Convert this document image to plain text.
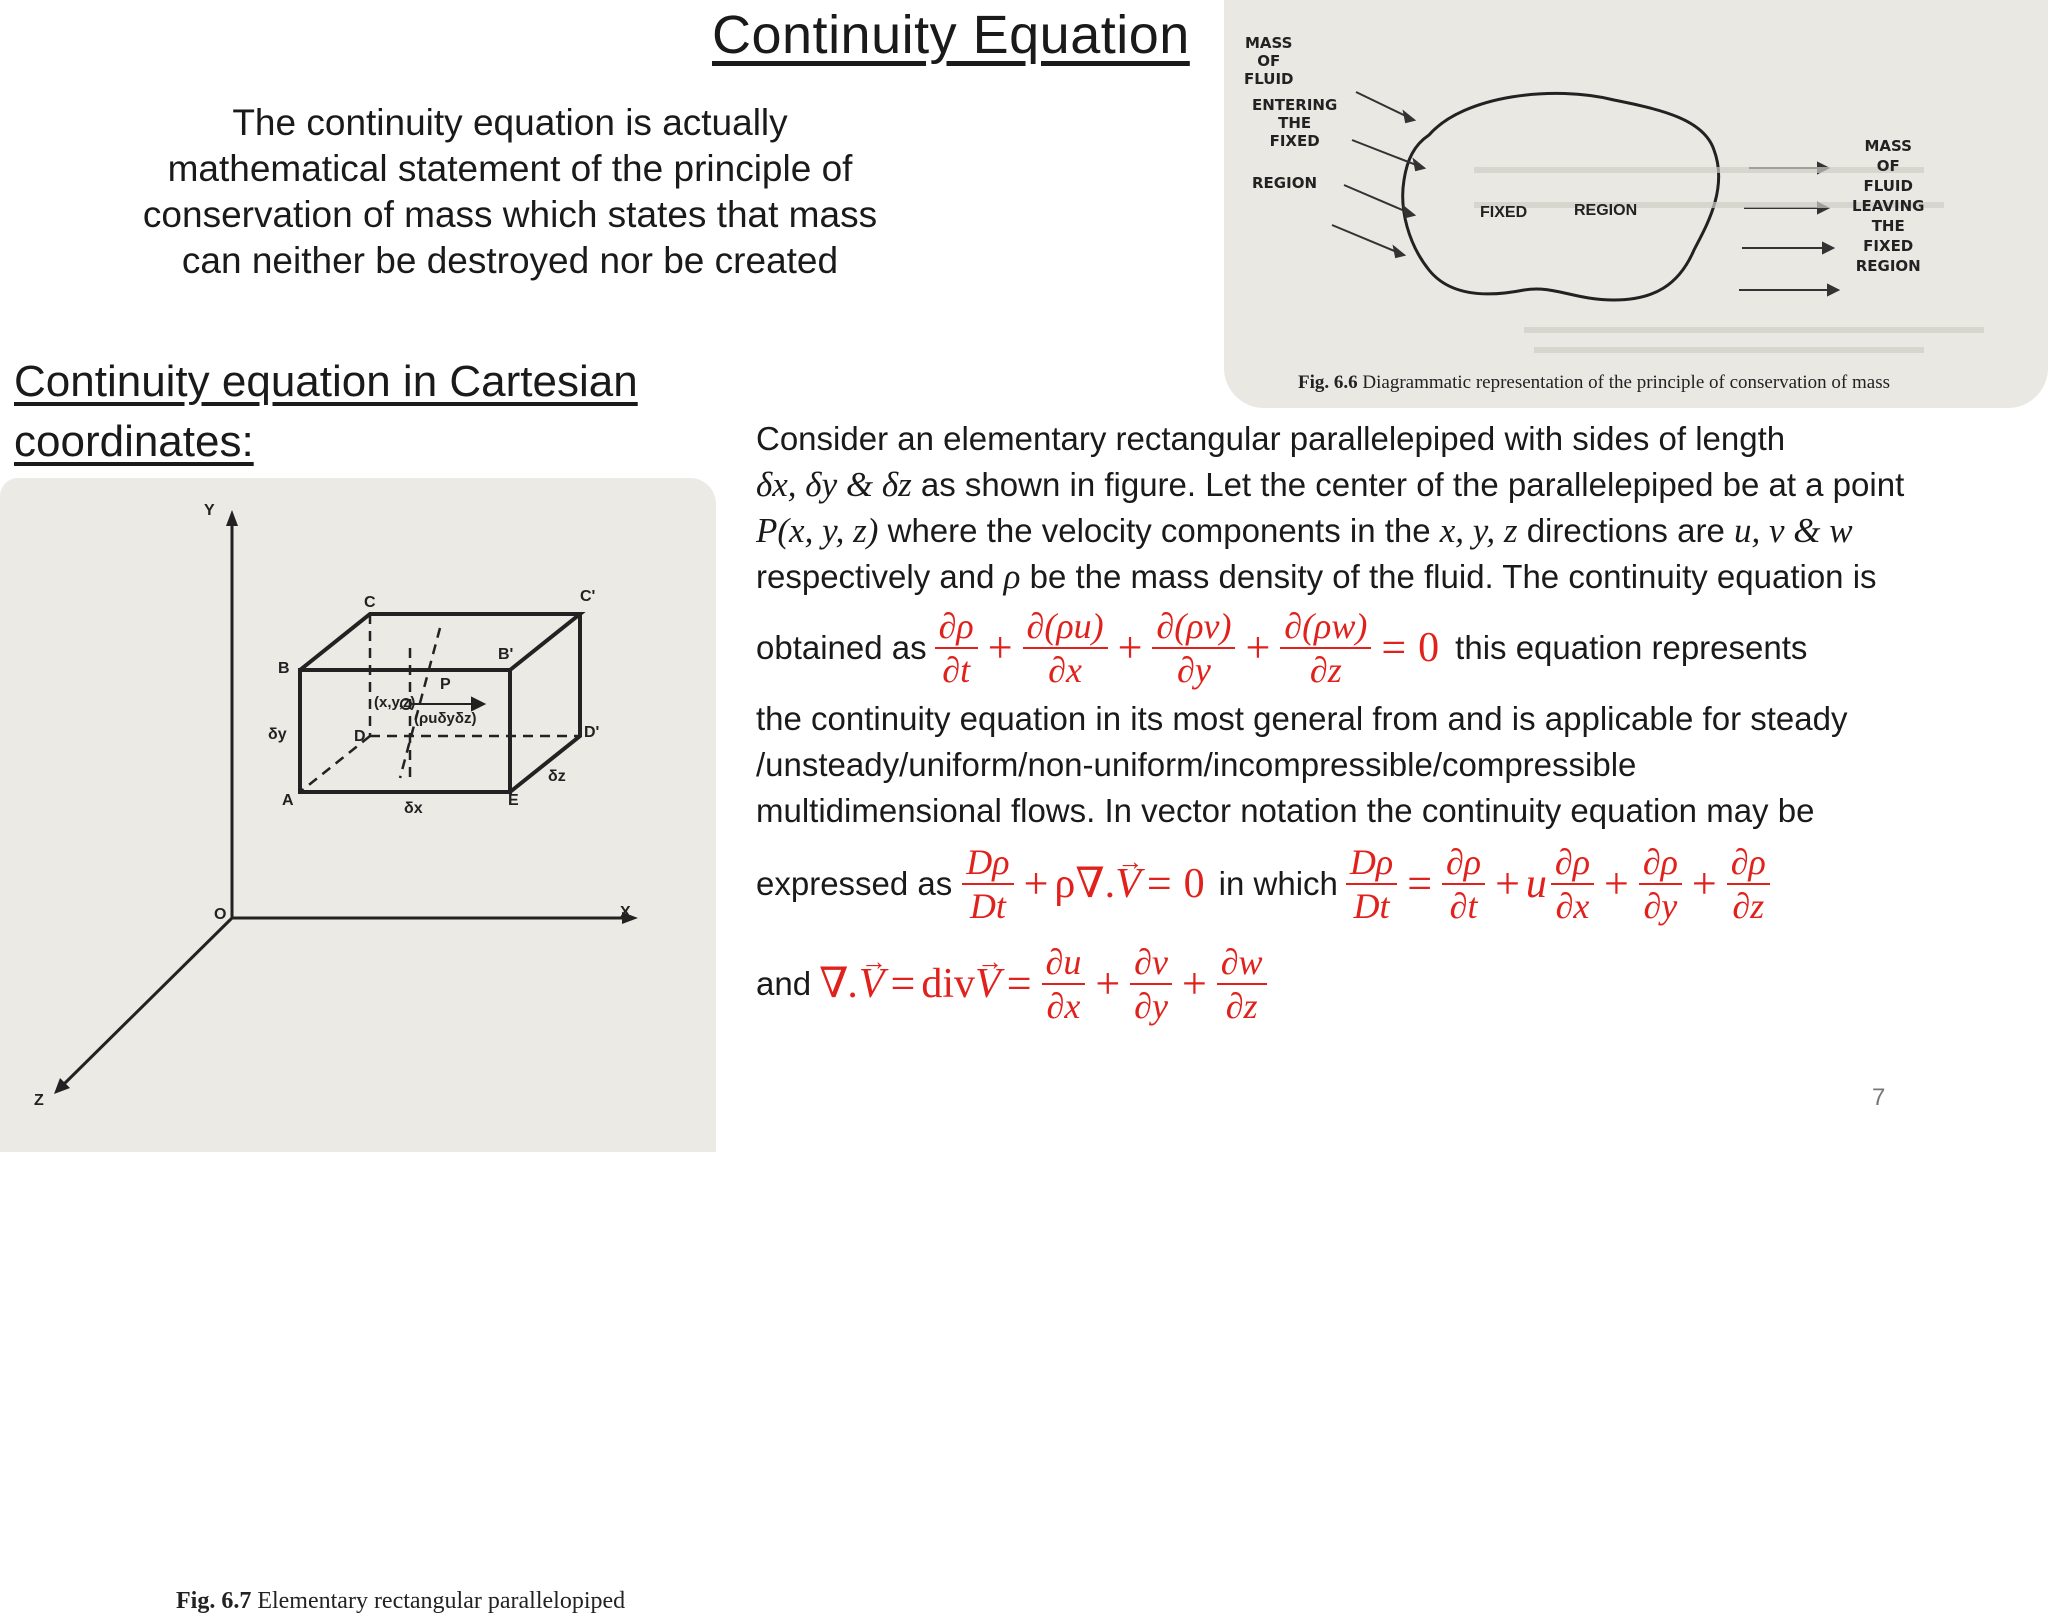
Continuity Equation
The continuity equation is actually mathematical statement of the principle of conservation of mass which states that mass can neither be destroyed nor be created
Continuity equation in Cartesian coordinates:
MASS
OF
FLUID
ENTERING
THE
FIXED
REGION
FIXED	REGION
MASS
OF
FLUID
LEAVING
THE
FIXED
REGION
Fig. 6.6 Diagrammatic representation of the principle of conservation of mass
Y
X
Z
O
C	C'
B
B'
D	D'
A	E
P
(x,y,z)
(ρuδyδz)
δx
δy
δz
Fig. 6.7 Elementary rectangular parallelopiped
Consider an elementary rectangular parallelepiped with sides of length
δx, δy & δz as shown in figure. Let the center of the parallelepiped be at a point
P(x, y, z) where the velocity components in the x, y, z directions are u, v & w
respectively and ρ be the mass density of the fluid. The continuity equation is
obtained as $\frac{\partial\rho}{\partial t} + \frac{\partial(\rho u)}{\partial x} + \frac{\partial(\rho v)}{\partial y} + \frac{\partial(\rho w)}{\partial z} = 0$ this equation represents
the continuity equation in its most general from and is applicable for steady
/unsteady/uniform/non-uniform/incompressible/compressible
multidimensional flows. In vector notation the continuity equation may be
expressed as $\frac{D\rho}{Dt} + \rho\nabla$. → V = 0 in which $\frac{D\rho}{Dt} = \frac{\partial\rho}{\partial t} + u \frac{\partial\rho}{\partial x} + \frac{\partial\rho}{\partial y} + \frac{\partial\rho}{\partial z}$
and ∇. → V = div → $V = \frac{\partial u}{\partial x} + \frac{\partial v}{\partial y} + \frac{\partial w}{\partial z}$
7
